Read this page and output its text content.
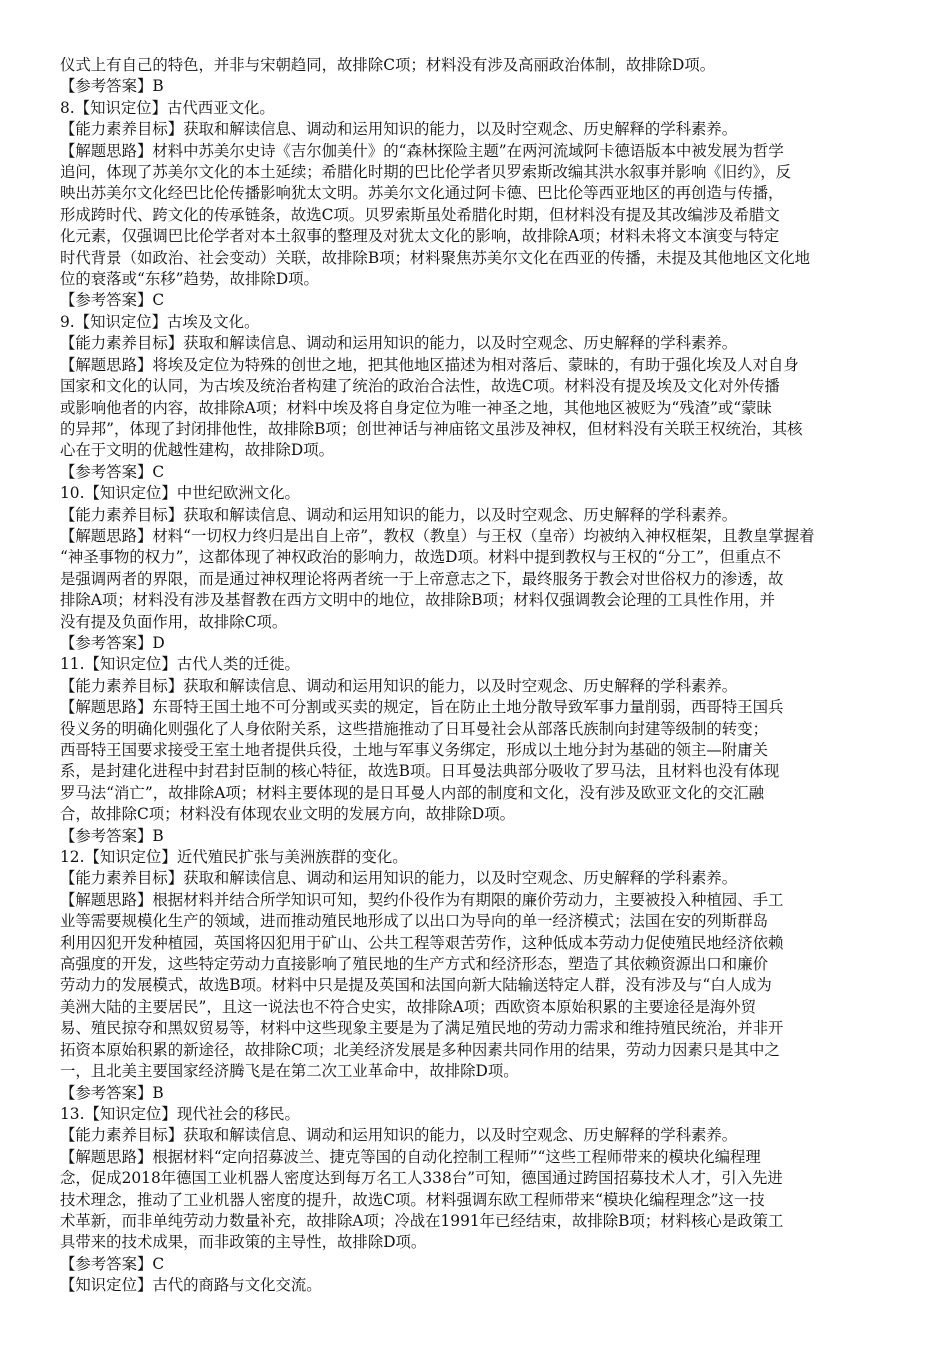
仪式上有自己的特色，并非与宋朝趋同，故排除C项；材料没有涉及高丽政治体制，故排除D项。
【参考答案】B
8.【知识定位】古代西亚文化。
【能力素养目标】获取和解读信息、调动和运用知识的能力，以及时空观念、历史解释的学科素养。
【解题思路】材料中苏美尔史诗《吉尔伽美什》的“森林探险主题”在两河流域阿卡德语版本中被发展为哲学
追问，体现了苏美尔文化的本土延续；希腊化时期的巴比伦学者贝罗索斯改编其洪水叙事并影响《旧约》，反
映出苏美尔文化经巴比伦传播影响犹太文明。苏美尔文化通过阿卡德、巴比伦等西亚地区的再创造与传播，
形成跨时代、跨文化的传承链条，故选C项。贝罗索斯虽处希腊化时期，但材料没有提及其改编涉及希腊文
化元素，仅强调巴比伦学者对本土叙事的整理及对犹太文化的影响，故排除A项；材料未将文本演变与特定
时代背景（如政治、社会变动）关联，故排除B项；材料聚焦苏美尔文化在西亚的传播，未提及其他地区文化地
位的衰落或“东移”趋势，故排除D项。
【参考答案】C
9.【知识定位】古埃及文化。
【能力素养目标】获取和解读信息、调动和运用知识的能力，以及时空观念、历史解释的学科素养。
【解题思路】将埃及定位为特殊的创世之地，把其他地区描述为相对落后、蒙昧的，有助于强化埃及人对自身
国家和文化的认同，为古埃及统治者构建了统治的政治合法性，故选C项。材料没有提及埃及文化对外传播
或影响他者的内容，故排除A项；材料中埃及将自身定位为唯一神圣之地，其他地区被贬为“残渣”或“蒙昧
的异邦”，体现了封闭排他性，故排除B项；创世神话与神庙铭文虽涉及神权，但材料没有关联王权统治，其核
心在于文明的优越性建构，故排除D项。
【参考答案】C
10.【知识定位】中世纪欧洲文化。
【能力素养目标】获取和解读信息、调动和运用知识的能力，以及时空观念、历史解释的学科素养。
【解题思路】材料“一切权力终归是出自上帝”，教权（教皇）与王权（皇帝）均被纳入神权框架，且教皇掌握着
“神圣事物的权力”，这都体现了神权政治的影响力，故选D项。材料中提到教权与王权的“分工”，但重点不
是强调两者的界限，而是通过神权理论将两者统一于上帝意志之下，最终服务于教会对世俗权力的渗透，故
排除A项；材料没有涉及基督教在西方文明中的地位，故排除B项；材料仅强调教会论理的工具性作用，并
没有提及负面作用，故排除C项。
【参考答案】D
11.【知识定位】古代人类的迁徙。
【能力素养目标】获取和解读信息、调动和运用知识的能力，以及时空观念、历史解释的学科素养。
【解题思路】东哥特王国土地不可分割或买卖的规定，旨在防止土地分散导致军事力量削弱，西哥特王国兵
役义务的明确化则强化了人身依附关系，这些措施推动了日耳曼社会从部落氏族制向封建等级制的转变；
西哥特王国要求接受王室土地者提供兵役，土地与军事义务绑定，形成以土地分封为基础的领主—附庸关
系，是封建化进程中封君封臣制的核心特征，故选B项。日耳曼法典部分吸收了罗马法，且材料也没有体现
罗马法“消亡”，故排除A项；材料主要体现的是日耳曼人内部的制度和文化，没有涉及欧亚文化的交汇融
合，故排除C项；材料没有体现农业文明的发展方向，故排除D项。
【参考答案】B
12.【知识定位】近代殖民扩张与美洲族群的变化。
【能力素养目标】获取和解读信息、调动和运用知识的能力，以及时空观念、历史解释的学科素养。
【解题思路】根据材料并结合所学知识可知，契约仆役作为有期限的廉价劳动力，主要被投入种植园、手工
业等需要规模化生产的领域，进而推动殖民地形成了以出口为导向的单一经济模式；法国在安的列斯群岛
利用囚犯开发种植园，英国将囚犯用于矿山、公共工程等艰苦劳作，这种低成本劳动力促使殖民地经济依赖
高强度的开发，这些特定劳动力直接影响了殖民地的生产方式和经济形态，塑造了其依赖资源出口和廉价
劳动力的发展模式，故选B项。材料中只是提及英国和法国向新大陆输送特定人群，没有涉及与“白人成为
美洲大陆的主要居民”，且这一说法也不符合史实，故排除A项；西欧资本原始积累的主要途径是海外贸
易、殖民掠夺和黑奴贸易等，材料中这些现象主要是为了满足殖民地的劳动力需求和维持殖民统治，并非开
拓资本原始积累的新途径，故排除C项；北美经济发展是多种因素共同作用的结果，劳动力因素只是其中之
一，且北美主要国家经济腾飞是在第二次工业革命中，故排除D项。
【参考答案】B
13.【知识定位】现代社会的移民。
【能力素养目标】获取和解读信息、调动和运用知识的能力，以及时空观念、历史解释的学科素养。
【解题思路】根据材料“定向招募波兰、捷克等国的自动化控制工程师”“这些工程师带来的模块化编程理
念，促成2018年德国工业机器人密度达到每万名工人338台”可知，德国通过跨国招募技术人才，引入先进
技术理念，推动了工业机器人密度的提升，故选C项。材料强调东欧工程师带来“模块化编程理念”这一技
术革新，而非单纯劳动力数量补充，故排除A项；冷战在1991年已经结束，故排除B项；材料核心是政策工
具带来的技术成果，而非政策的主导性，故排除D项。
【参考答案】C
【知识定位】古代的商路与文化交流。
